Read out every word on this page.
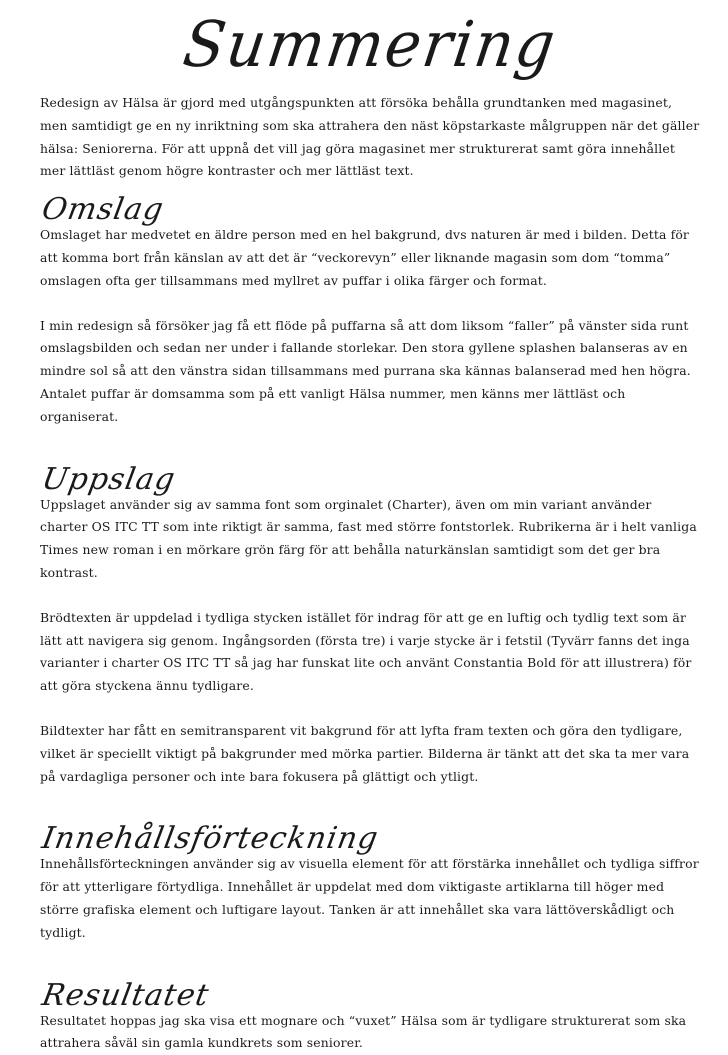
Summering

Redesign av Hälsa är gjord med utgångspunkten att försöka behålla grundtanken med magasinet, men samtidigt ge en ny inriktning som ska attrahera den näst köpstarkaste målgruppen när det gäller hälsa: Seniorerna. För att uppnå det vill jag göra magasinet mer strukturerat samt göra innehållet mer lättläst genom högre kontraster och mer lättläst text.

Omslag

Omslaget har medvetet en äldre person med en hel bakgrund, dvs naturen är med i bilden. Detta för att komma bort från känslan av att det är “veckorevyn” eller liknande magasin som dom “tomma” omslagen ofta ger tillsammans med myllret av puffar i olika färger och format.

I min redesign så försöker jag få ett flöde på puffarna så att dom liksom “faller” på vänster sida runt omslagsbilden och sedan ner under i fallande storlekar. Den stora gyllene splashen balanseras av en mindre sol så att den vänstra sidan tillsammans med purrana ska kännas balanserad med hen högra. Antalet puffar är domsamma som på ett vanligt Hälsa nummer, men känns mer lättläst och organiserat.

Uppslag

Uppslaget använder sig av samma font som orginalet (Charter), även om min variant använder charter OS ITC TT som inte riktigt är samma, fast med större fontstorlek. Rubrikerna är i helt vanliga Times new roman i en mörkare grön färg för att behålla naturkänslan samtidigt som det ger bra kontrast.

Brödtexten är uppdelad i tydliga stycken istället för indrag för att ge en luftig och tydlig text som är lätt att navigera sig genom. Ingångsorden (första tre) i varje stycke är i fetstil (Tyvärr fanns det inga varianter i charter OS ITC TT så jag har funskat lite och använt Constantia Bold för att illustrera) för att göra styckena ännu tydligare.

Bildtexter har fått en semitransparent vit bakgrund för att lyfta fram texten och göra den tydligare, vilket är speciellt viktigt på bakgrunder med mörka partier. Bilderna är tänkt att det ska ta mer vara på vardagliga personer och inte bara fokusera på glättigt och ytligt.

Innehållsförteckning

Innehållsförteckningen använder sig av visuella element för att förstärka innehållet och tydliga siffror för att ytterligare förtydliga. Innehållet är uppdelat med dom viktigaste artiklarna till höger med större grafiska element och luftigare layout. Tanken är att innehållet ska vara lättöverskådligt och tydligt.

Resultatet

Resultatet hoppas jag ska visa ett mognare och “vuxet” Hälsa som är tydligare strukturerat som ska attrahera såväl sin gamla kundkrets som seniorer.
